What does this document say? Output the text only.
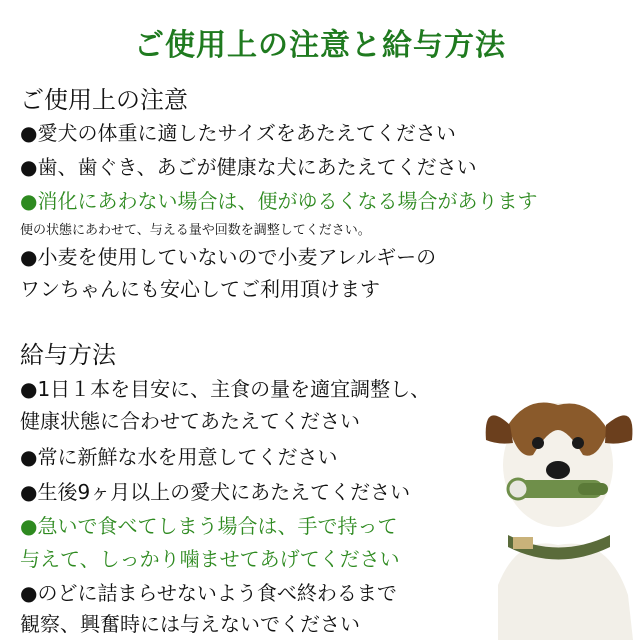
ご使用上の注意と給与方法
ご使用上の注意
●愛犬の体重に適したサイズをあたえてください
●歯、歯ぐき、あごが健康な犬にあたえてください
●消化にあわない場合は、便がゆるくなる場合があります
便の状態にあわせて、与える量や回数を調整してください。
●小麦を使用していないので小麦アレルギーの
ワンちゃんにも安心してご利用頂けます
給与方法
●1日１本を目安に、主食の量を適宜調整し、
健康状態に合わせてあたえてください
●常に新鮮な水を用意してください
●生後9ヶ月以上の愛犬にあたえてください
●急いで食べてしまう場合は、手で持って
与えて、しっかり噛ませてあげてください
●のどに詰まらせないよう食べ終わるまで
観察、興奮時には与えないでください
